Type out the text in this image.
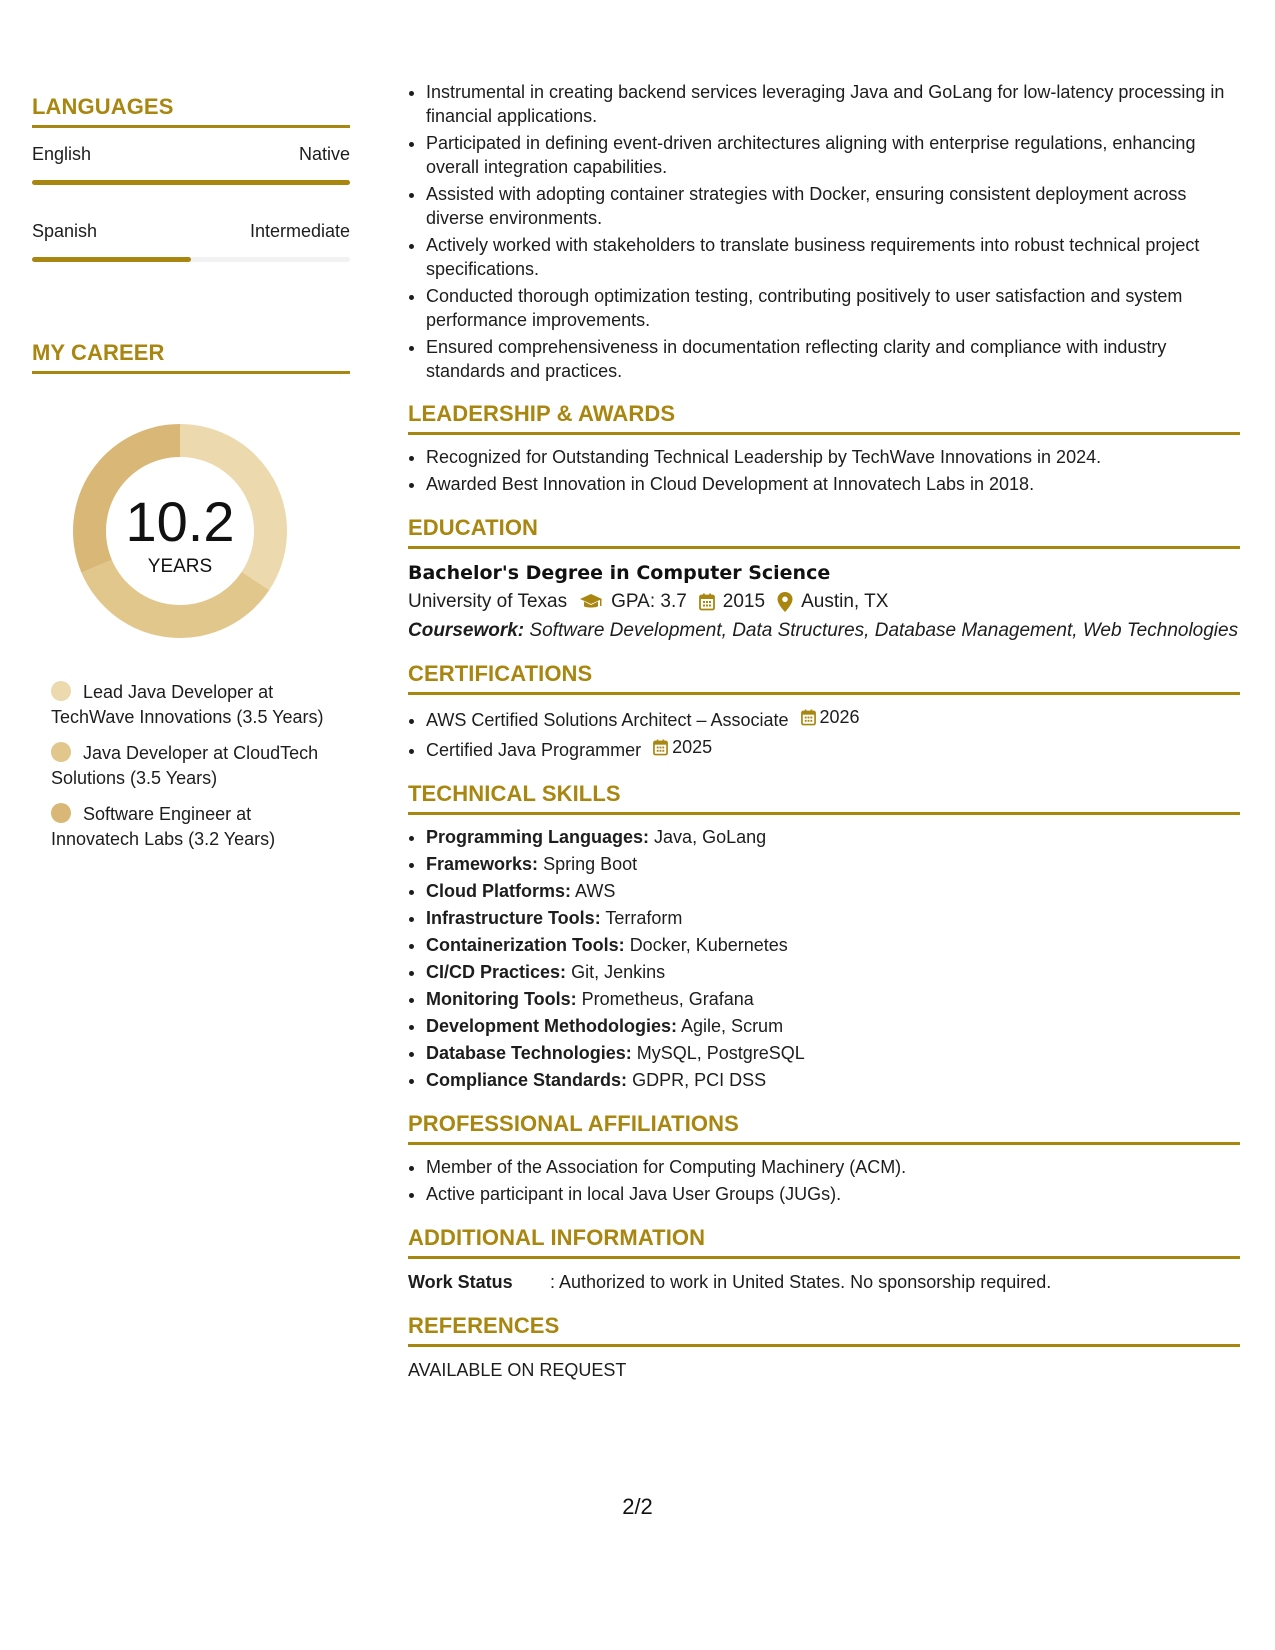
LANGUAGES
English	Native
Spanish	Intermediate
MY CAREER
10.2
YEARS
Lead Java Developer at TechWave Innovations (3.5 Years)
Java Developer at CloudTech Solutions (3.5 Years)
Software Engineer at Innovatech Labs (3.2 Years)
• Instrumental in creating backend services leveraging Java and GoLang for low-latency processing in financial applications.
• Participated in defining event-driven architectures aligning with enterprise regulations, enhancing overall integration capabilities.
• Assisted with adopting container strategies with Docker, ensuring consistent deployment across diverse environments.
• Actively worked with stakeholders to translate business requirements into robust technical project specifications.
• Conducted thorough optimization testing, contributing positively to user satisfaction and system performance improvements.
• Ensured comprehensiveness in documentation reflecting clarity and compliance with industry standards and practices.
LEADERSHIP & AWARDS
• Recognized for Outstanding Technical Leadership by TechWave Innovations in 2024.
• Awarded Best Innovation in Cloud Development at Innovatech Labs in 2018.
EDUCATION
Bachelor's Degree in Computer Science
University of Texas GPA: 3.7 2015 Austin, TX
Coursework: Software Development, Data Structures, Database Management, Web Technologies
CERTIFICATIONS
• AWS Certified Solutions Architect – Associate 2026
• Certified Java Programmer 2025
TECHNICAL SKILLS
• Programming Languages: Java, GoLang
• Frameworks: Spring Boot
• Cloud Platforms: AWS
• Infrastructure Tools: Terraform
• Containerization Tools: Docker, Kubernetes
• CI/CD Practices: Git, Jenkins
• Monitoring Tools: Prometheus, Grafana
• Development Methodologies: Agile, Scrum
• Database Technologies: MySQL, PostgreSQL
• Compliance Standards: GDPR, PCI DSS
PROFESSIONAL AFFILIATIONS
• Member of the Association for Computing Machinery (ACM).
• Active participant in local Java User Groups (JUGs).
ADDITIONAL INFORMATION
Work Status	: Authorized to work in United States. No sponsorship required.
REFERENCES
AVAILABLE ON REQUEST
2/2
